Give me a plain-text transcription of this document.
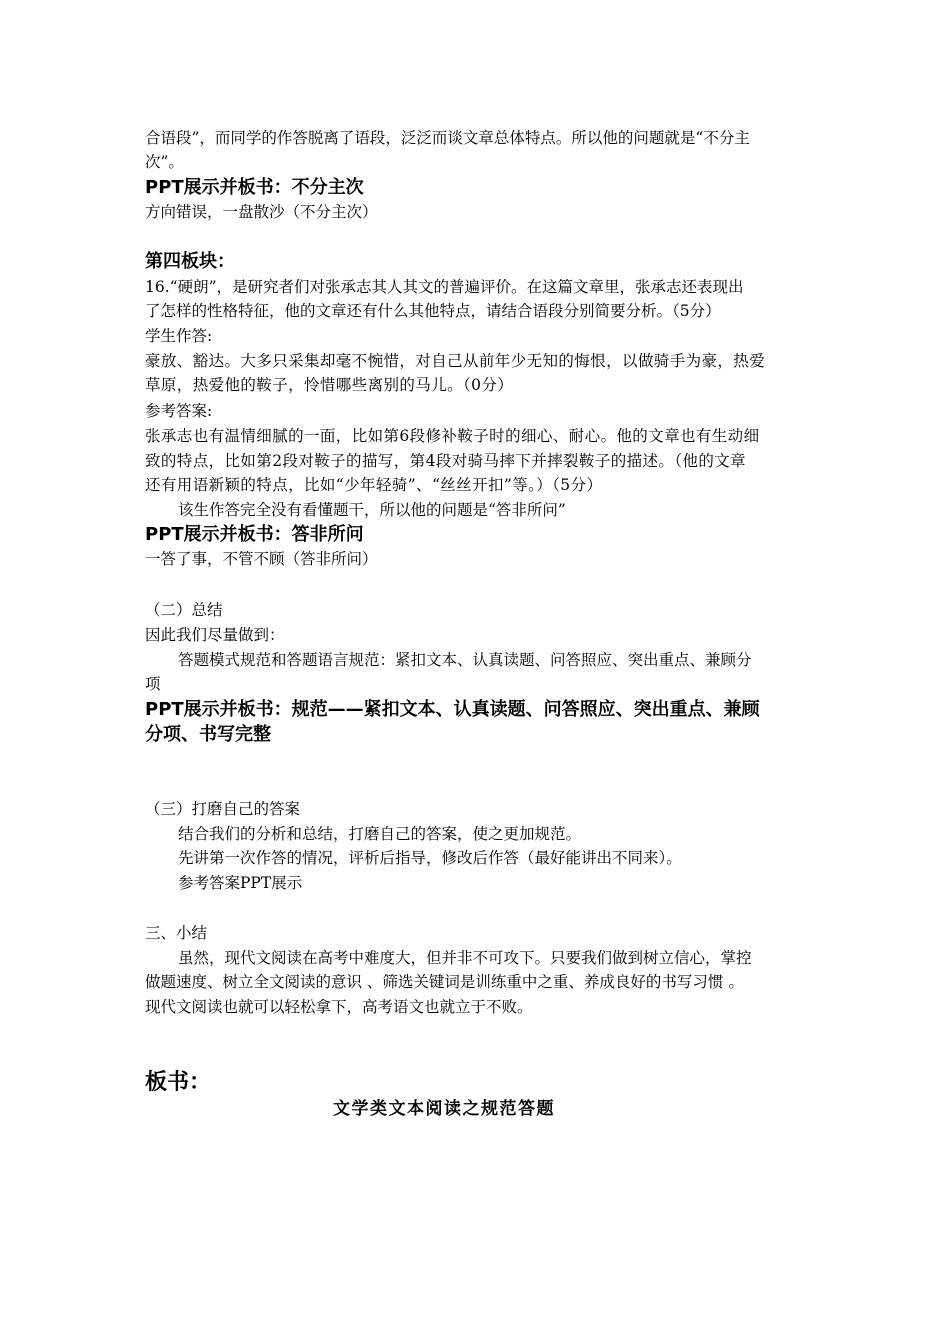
合语段”，而同学的作答脱离了语段，泛泛而谈文章总体特点。所以他的问题就是“不分主
次”。
PPT展示并板书：不分主次
方向错误，一盘散沙（不分主次）
第四板块：
16.“硬朗”，是研究者们对张承志其人其文的普遍评价。在这篇文章里，张承志还表现出
了怎样的性格特征，他的文章还有什么其他特点，请结合语段分别简要分析。（5分）
学生作答:
豪放、豁达。大多只采集却毫不惋惜，对自己从前年少无知的悔恨，以做骑手为豪，热爱
草原，热爱他的鞍子，怜惜哪些离别的马儿。（0分）
参考答案:
张承志也有温情细腻的一面，比如第6段修补鞍子时的细心、耐心。他的文章也有生动细
致的特点，比如第2段对鞍子的描写，第4段对骑马摔下并摔裂鞍子的描述。（他的文章
还有用语新颖的特点，比如“少年轻骑”、“丝丝开扣”等。）（5分）
该生作答完全没有看懂题干，所以他的问题是“答非所问”
PPT展示并板书：答非所问
一答了事，不管不顾（答非所问）
（二）总结
因此我们尽量做到：
答题模式规范和答题语言规范：紧扣文本、认真读题、问答照应、突出重点、兼顾分
项
PPT展示并板书：规范——紧扣文本、认真读题、问答照应、突出重点、兼顾
分项、书写完整
（三）打磨自己的答案
结合我们的分析和总结，打磨自己的答案，使之更加规范。
先讲第一次作答的情况，评析后指导，修改后作答（最好能讲出不同来）。
参考答案PPT展示
三、小结
虽然，现代文阅读在高考中难度大，但并非不可攻下。只要我们做到树立信心，掌控
做题速度、树立全文阅读的意识 、筛选关键词是训练重中之重、养成良好的书写习惯 。
现代文阅读也就可以轻松拿下，高考语文也就立于不败。
板书：
文学类文本阅读之规范答题
